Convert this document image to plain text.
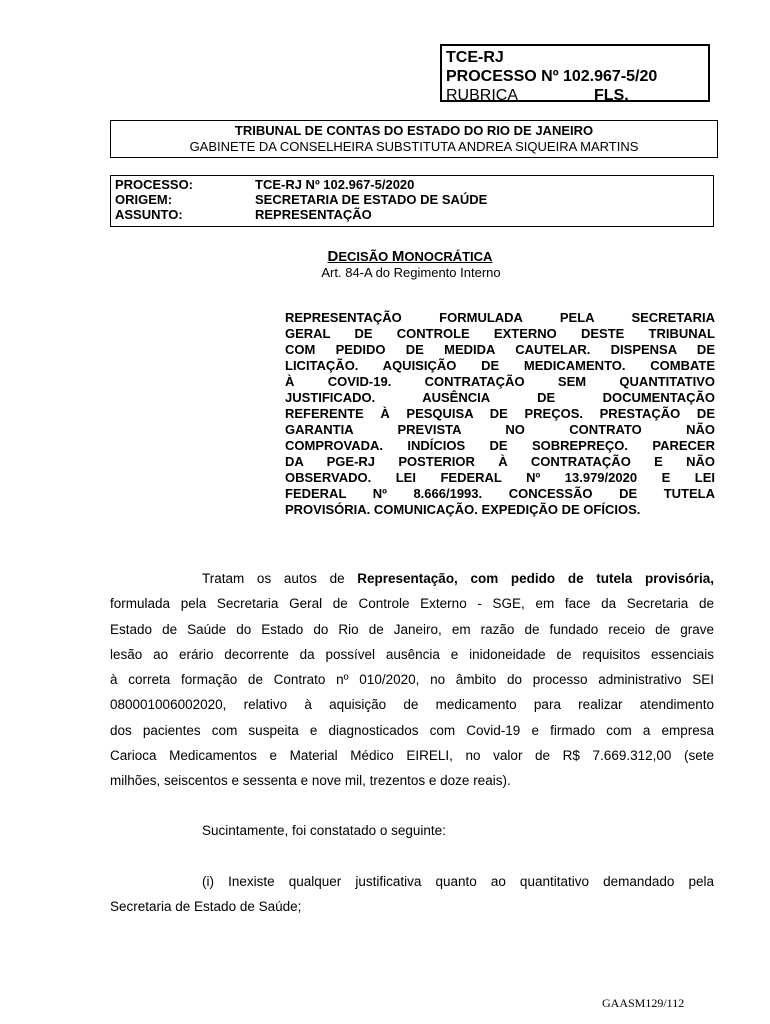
TCE-RJ
PROCESSO Nº 102.967-5/20
RUBRICA	FLS.
TRIBUNAL DE CONTAS DO ESTADO DO RIO DE JANEIRO
GABINETE DA CONSELHEIRA SUBSTITUTA ANDREA SIQUEIRA MARTINS
PROCESSO:	TCE-RJ Nº 102.967-5/2020
ORIGEM:	SECRETARIA DE ESTADO DE SAÚDE
ASSUNTO:	REPRESENTAÇÃO
DECISÃO MONOCRÁTICA
Art. 84-A do Regimento Interno
REPRESENTAÇÃO FORMULADA PELA SECRETARIA
GERAL DE CONTROLE EXTERNO DESTE TRIBUNAL
COM PEDIDO DE MEDIDA CAUTELAR. DISPENSA DE
LICITAÇÃO. AQUISIÇÃO DE MEDICAMENTO. COMBATE
À COVID-19. CONTRATAÇÃO SEM QUANTITATIVO
JUSTIFICADO. AUSÊNCIA DE DOCUMENTAÇÃO
REFERENTE À PESQUISA DE PREÇOS. PRESTAÇÃO DE
GARANTIA PREVISTA NO CONTRATO NÃO
COMPROVADA. INDÍCIOS DE SOBREPREÇO. PARECER
DA PGE-RJ POSTERIOR À CONTRATAÇÃO E NÃO
OBSERVADO. LEI FEDERAL Nº 13.979/2020 E LEI
FEDERAL Nº 8.666/1993. CONCESSÃO DE TUTELA
PROVISÓRIA. COMUNICAÇÃO. EXPEDIÇÃO DE OFÍCIOS.
Tratam os autos de Representação, com pedido de tutela provisória,
formulada pela Secretaria Geral de Controle Externo - SGE, em face da Secretaria de
Estado de Saúde do Estado do Rio de Janeiro, em razão de fundado receio de grave
lesão ao erário decorrente da possível ausência e inidoneidade de requisitos essenciais
à correta formação de Contrato nº 010/2020, no âmbito do processo administrativo SEI
080001006002020, relativo à aquisição de medicamento para realizar atendimento
dos pacientes com suspeita e diagnosticados com Covid-19 e firmado com a empresa
Carioca Medicamentos e Material Médico EIRELI, no valor de R$ 7.669.312,00 (sete
milhões, seiscentos e sessenta e nove mil, trezentos e doze reais).
Sucintamente, foi constatado o seguinte:
(i) Inexiste qualquer justificativa quanto ao quantitativo demandado pela
Secretaria de Estado de Saúde;
GAASM129/112
